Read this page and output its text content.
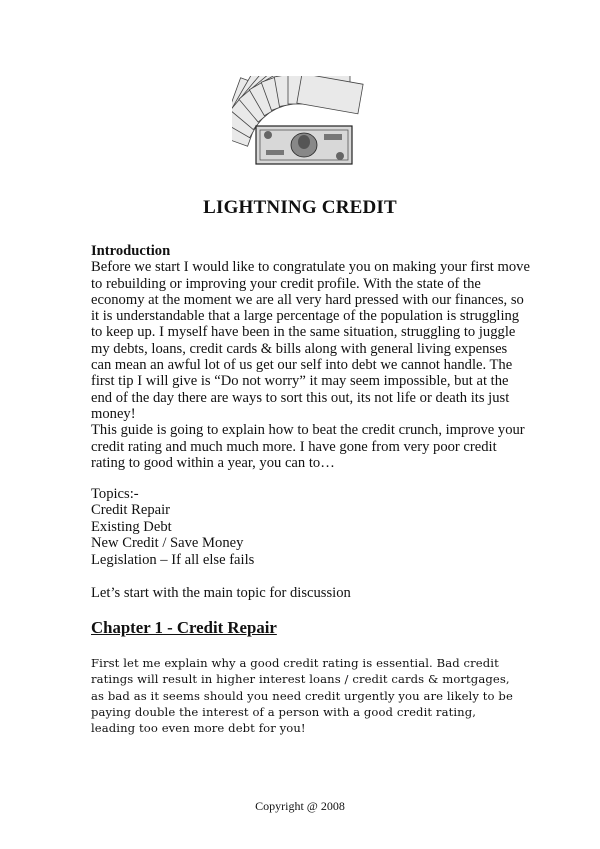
LIGHTNING CREDIT

Introduction

Before we start I would like to congratulate you on making your first move to rebuilding or improving your credit profile. With the state of the economy at the moment we are all very hard pressed with our finances, so it is understandable that a large percentage of the population is struggling to keep up. I myself have been in the same situation, struggling to juggle my debts, loans, credit cards & bills along with general living expenses can mean an awful lot of us get our self into debt we cannot handle. The first tip I will give is “Do not worry” it may seem impossible, but at the end of the day there are ways to sort this out, its not life or death its just money!

This guide is going to explain how to beat the credit crunch, improve your credit rating and much much more. I have gone from very poor credit rating to good within a year, you can to…

Topics:-
Credit Repair
Existing Debt
New Credit / Save Money
Legislation – If all else fails
Let’s start with the main topic for discussion
Chapter 1 - Credit Repair
First let me explain why a good credit rating is essential. Bad credit ratings will result in higher interest loans / credit cards & mortgages, as bad as it seems should you need credit urgently you are likely to be paying double the interest of a person with a good credit rating, leading too even more debt for you!
Copyright @ 2008
